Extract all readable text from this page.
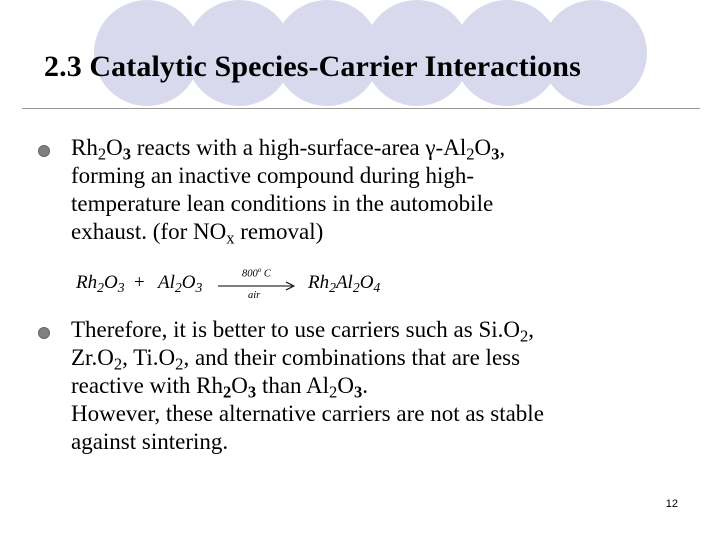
2.3 Catalytic Species-Carrier Interactions
$Rh_2O_3$ reacts with a high-surface-area $\gamma-Al_2O_3$,
forming an inactive compound during high-
temperature lean conditions in the automobile
exhaust. (for $NO_x$ removal)
$Rh_2O_3 + Al_2O_3$
800$^o$ C
air
$Rh_2Al_2O_4$
Therefore, it is better to use carriers such as $Si.O_2$,
$Zr.O_2$, $Ti.O_2$, and their combinations that are less
reactive with $Rh_2O_3$ than $Al_2O_3$.
However, these alternative carriers are not as stable
against sintering.
12
